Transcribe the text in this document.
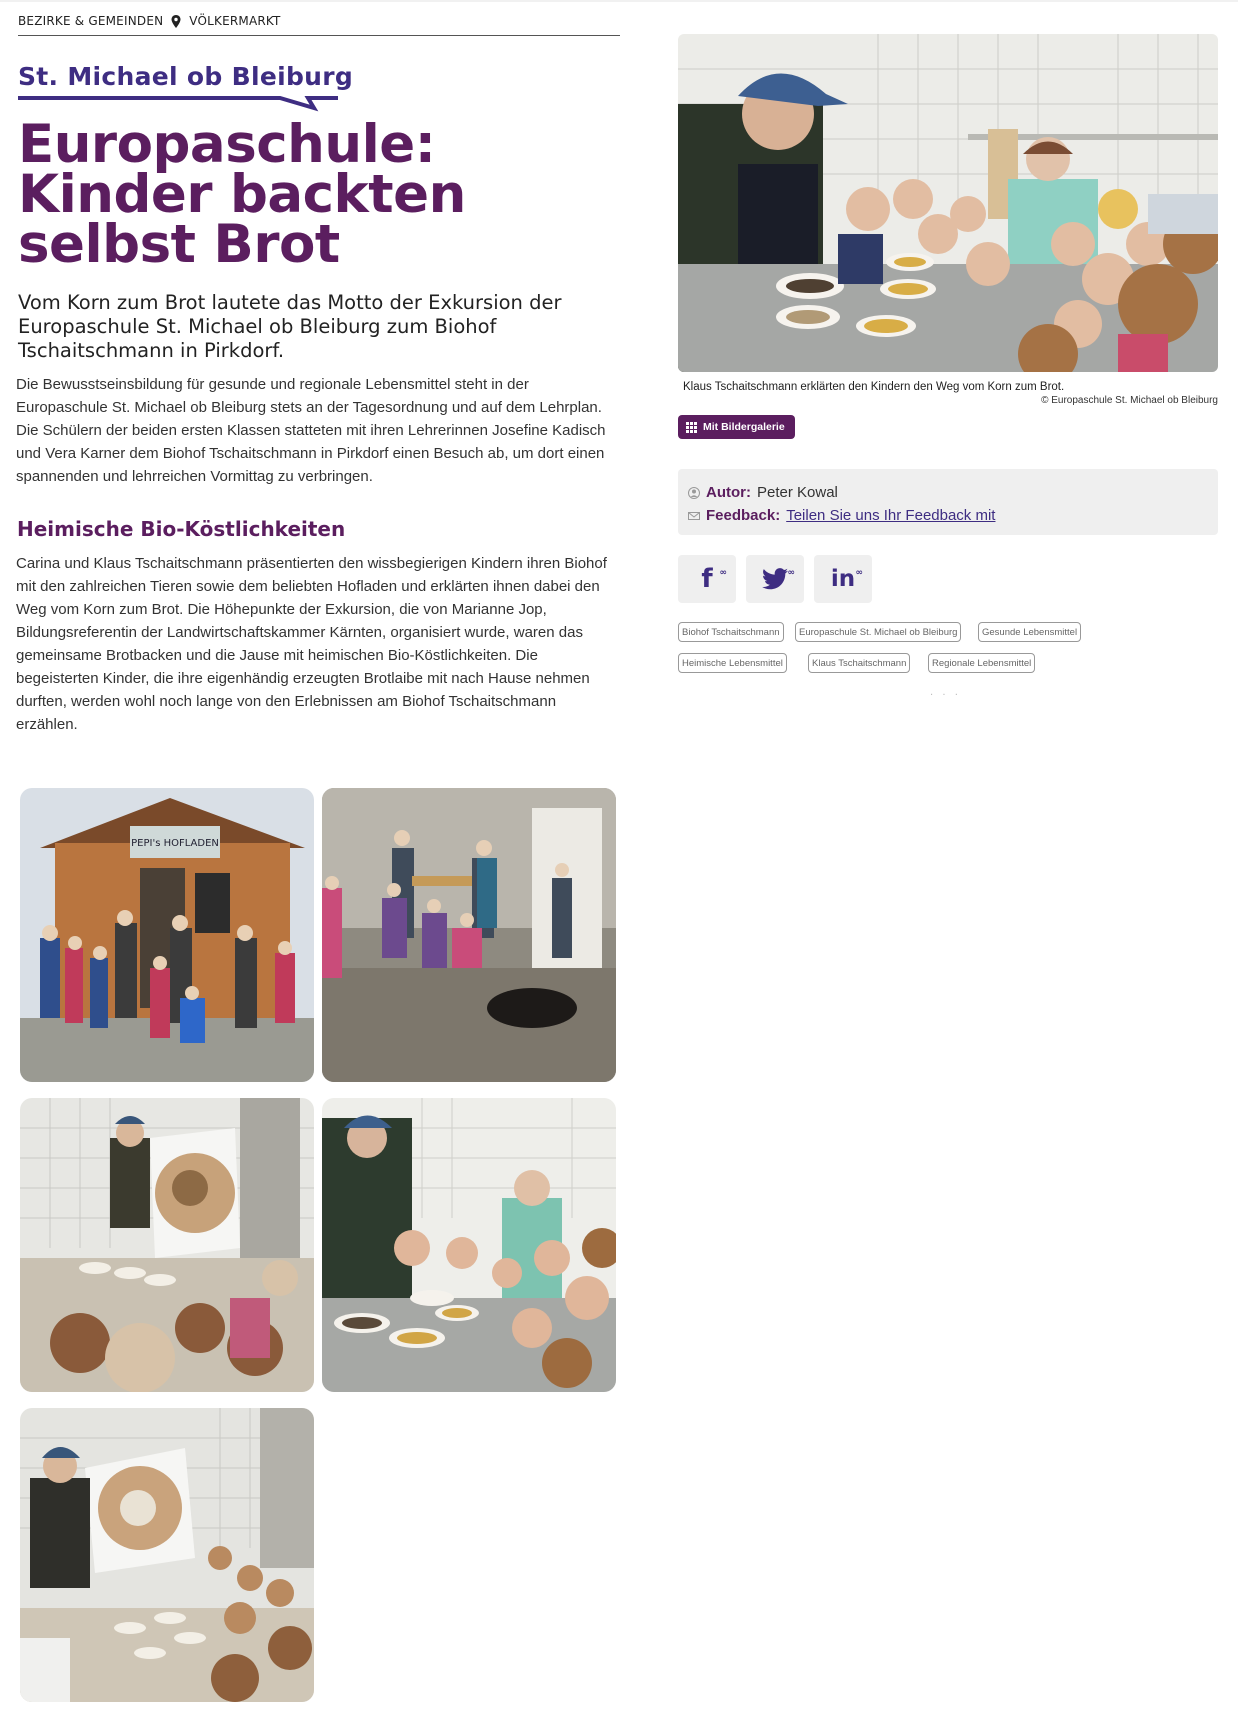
BEZIRKE & GEMEINDEN VÖLKERMARKT
St. Michael ob Bleiburg
Europaschule: Kinder backten selbst Brot

Vom Korn zum Brot lautete das Motto der Exkursion der Europaschule St. Michael ob Bleiburg zum Biohof Tschaitschmann in Pirkdorf.

Die Bewusstseinsbildung für gesunde und regionale Lebensmittel steht in der Europaschule St. Michael ob Bleiburg stets an der Tagesordnung und auf dem Lehrplan. Die Schülern der beiden ersten Klassen statteten mit ihren Lehrerinnen Josefine Kadisch und Vera Karner dem Biohof Tschaitschmann in Pirkdorf einen Besuch ab, um dort einen spannenden und lehrreichen Vormittag zu verbringen.

Heimische Bio-Köstlichkeiten

Carina und Klaus Tschaitschmann präsentierten den wissbegierigen Kindern ihren Biohof mit den zahlreichen Tieren sowie dem beliebten Hofladen und erklärten ihnen dabei den Weg vom Korn zum Brot. Die Höhepunkte der Exkursion, die von Marianne Jop, Bildungsreferentin der Landwirtschaftskammer Kärnten, organisiert wurde, waren das gemeinsame Brotbacken und die Jause mit heimischen Bio-Köstlichkeiten. Die begeisterten Kinder, die ihre eigenhändig erzeugten Brotlaibe mit nach Hause nehmen durften, werden wohl noch lange von den Erlebnissen am Biohof Tschaitschmann erzählen.

PEPI's HOFLADEN
Klaus Tschaitschmann erklärten den Kindern den Weg vom Korn zum Brot.
© Europaschule St. Michael ob Bleiburg
Mit Bildergalerie
Autor: Peter Kowal
Feedback: Teilen Sie uns Ihr Feedback mit
f ∞	∞ in ∞
Biohof Tschaitschmann	Europaschule St. Michael ob Bleiburg	Gesunde Lebensmittel
Heimische Lebensmittel	Klaus Tschaitschmann	Regionale Lebensmittel
· · ·
